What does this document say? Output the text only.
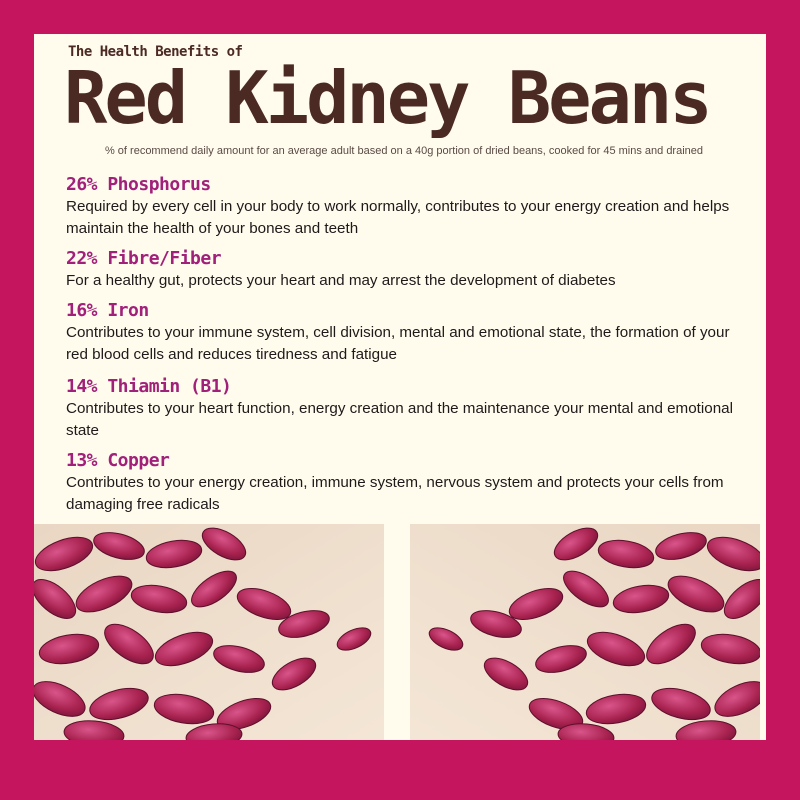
The Health Benefits of
Red Kidney Beans
% of recommend daily amount for an average adult based on a 40g portion of dried beans, cooked for 45 mins and drained
26% Phosphorus

Required by every cell in your body to work normally, contributes to your energy creation and helps maintain the health of your bones and teeth

22% Fibre/Fiber

For a healthy gut, protects your heart and may arrest the development of diabetes

16% Iron

Contributes to your immune system, cell division, mental and emotional state, the formation of your red blood cells and reduces tiredness and fatigue

14% Thiamin (B1)

Contributes to your heart function, energy creation and the maintenance your mental and emotional state

13% Copper

Contributes to your energy creation, immune system, nervous system and protects your cells from damaging free radicals
